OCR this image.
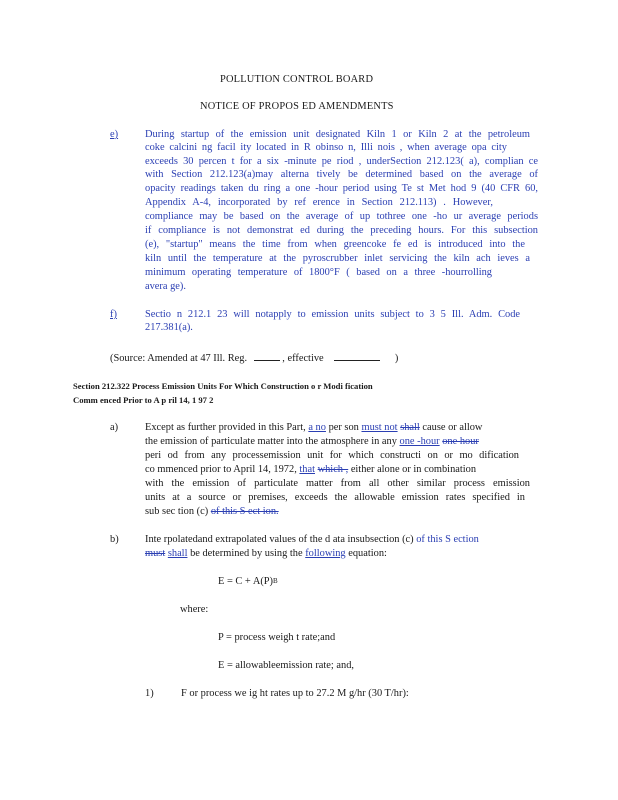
POLLUTION CONTROL BOARD
NOTICE OF PROPOS ED AMENDMENTS
e)	During startup of the emission unit designated Kiln 1 or Kiln 2 at the petroleum
coke calcini ng facil ity located in R obinso n, Illi nois , when average opa city
exceeds 30 percen t for a six -minute pe riod , underSection 212.123( a), complian ce
with Section 212.123(a)may alterna tively be determined based on the average of
opacity readings taken du ring a one -hour period using Te st Met hod 9 (40 CFR 60,
Appendix A-4, incorporated by ref erence in Section 212.113) . However,
compliance may be based on the average of up tothree one -ho ur average periods
if compliance is not demonstrat ed during the preceding hours. For this subsection
(e), "startup" means the time from when greencoke fe ed is introduced into the
kiln until the temperature at the pyroscrubber inlet servicing the kiln ach ieves a
minimum operating temperature of 1800°F ( based on a three -hourrolling
avera ge).
f)	Sectio n 212.1 23 will notapply to emission units subject to 3 5 Ill. Adm. Code
217.381(a).
(Source: Amended at 47 Ill. Reg.	, effective	)
Section 212.322 Process Emission Units For Which Construction o r Modi fication
Comm enced Prior to A p ril 14, 1 97 2
a)	Except as further provided in this Part, a no per son must not shall cause or allow
the emission of particulate matter into the atmosphere in any one -hour one hour
peri od from any processemission unit for which constructi on or mo dification
co mmenced prior to April 14, 1972, that which , either alone or in combination
with the emission of particulate matter from all other similar process emission
units at a source or premises, exceeds the allowable emission rates specified in
sub sec tion (c) of this S ect ion.
b)	Inte rpolatedand extrapolated values of the d ata insubsection (c) of this S ection
must shall be determined by using the following equation:
$E = C + A(P)^B$
where:
P = process weigh t rate;and
E = allowableemission rate; and,
1)	F or process we ig ht rates up to 27.2 M g/hr (30 T/hr):
